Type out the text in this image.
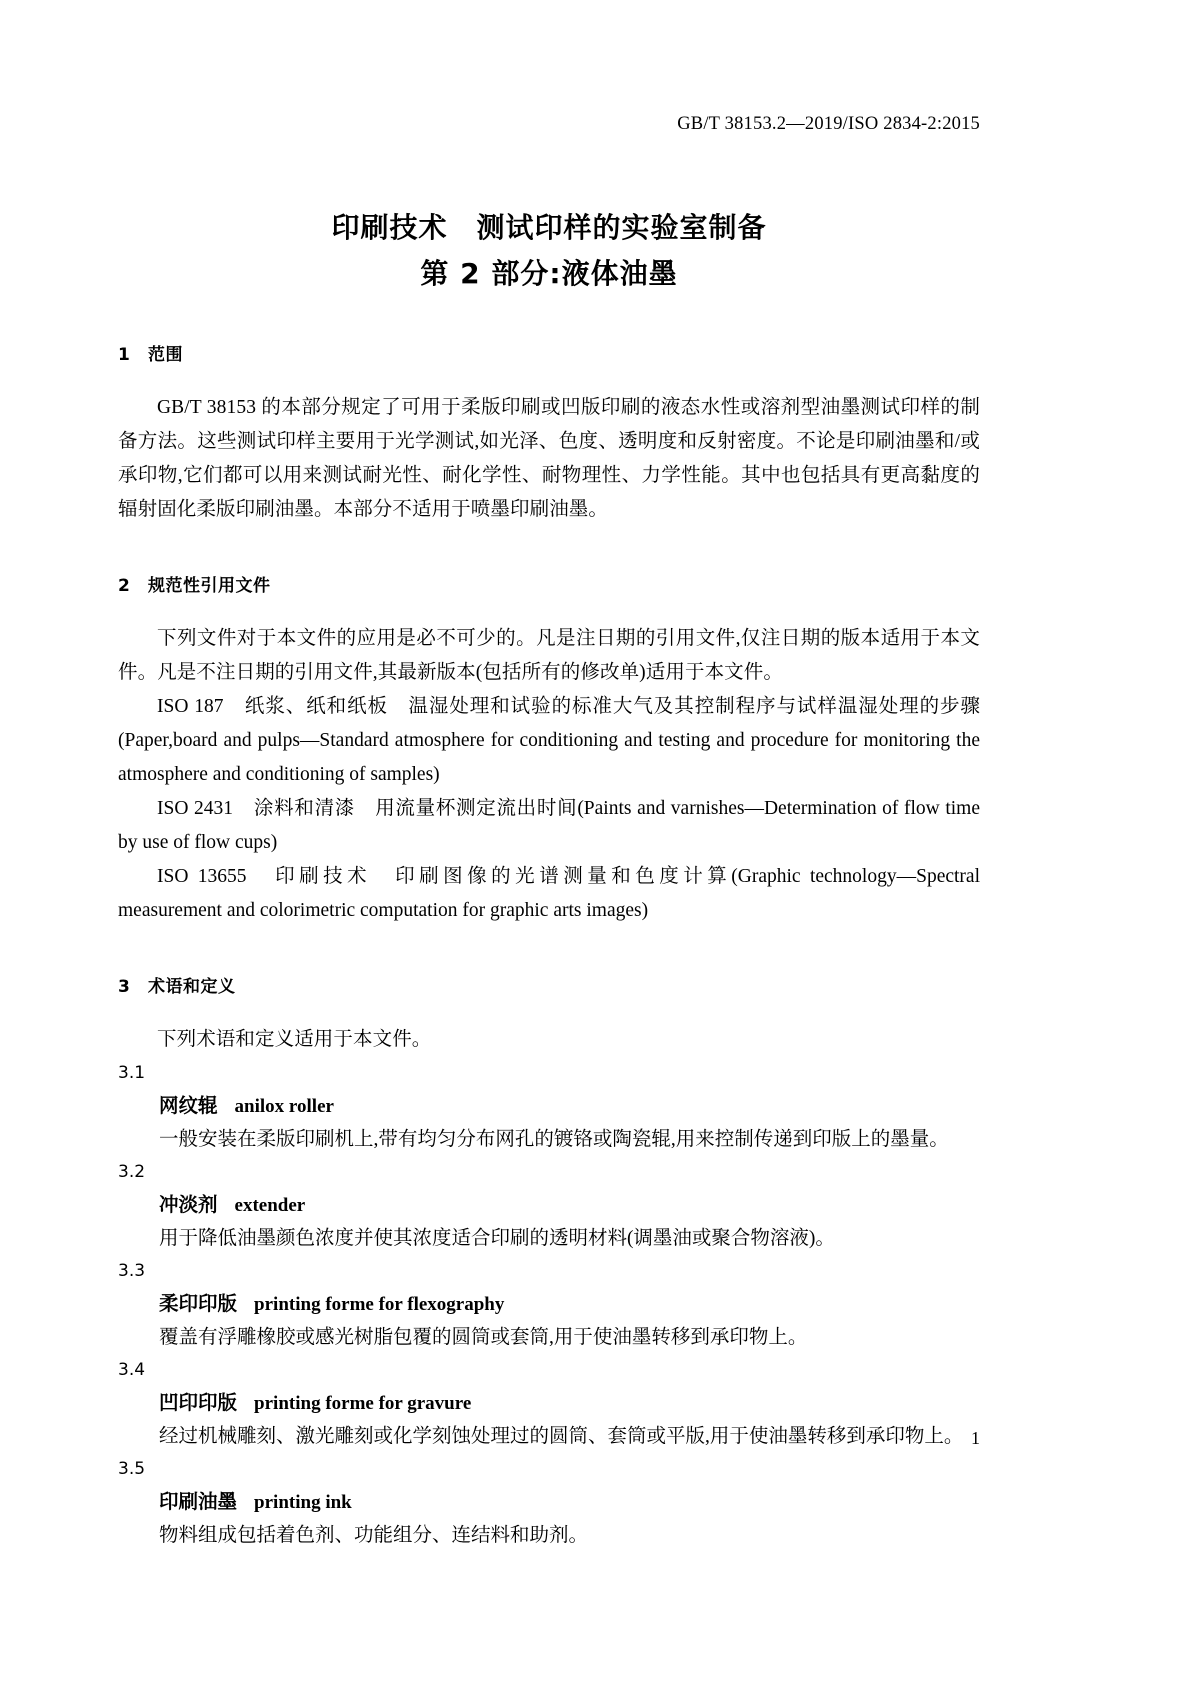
GB/T 38153.2—2019/ISO 2834-2:2015
印刷技术　测试印样的实验室制备
第 2 部分:液体油墨
1 范围

GB/T 38153 的本部分规定了可用于柔版印刷或凹版印刷的液态水性或溶剂型油墨测试印样的制备方法。这些测试印样主要用于光学测试,如光泽、色度、透明度和反射密度。不论是印刷油墨和/或承印物,它们都可以用来测试耐光性、耐化学性、耐物理性、力学性能。其中也包括具有更高黏度的辐射固化柔版印刷油墨。本部分不适用于喷墨印刷油墨。

2 规范性引用文件

下列文件对于本文件的应用是必不可少的。凡是注日期的引用文件,仅注日期的版本适用于本文件。凡是不注日期的引用文件,其最新版本(包括所有的修改单)适用于本文件。

ISO 187　纸浆、纸和纸板　温湿处理和试验的标准大气及其控制程序与试样温湿处理的步骤(Paper,board and pulps—Standard atmosphere for conditioning and testing and procedure for monitoring the atmosphere and conditioning of samples)

ISO 2431　涂料和清漆　用流量杯测定流出时间(Paints and varnishes—Determination of flow time by use of flow cups)

ISO 13655　印刷技术　印刷图像的光谱测量和色度计算(Graphic technology—Spectral measurement and colorimetric computation for graphic arts images)

3 术语和定义

下列术语和定义适用于本文件。

3.1

网纹辊 anilox roller

一般安装在柔版印刷机上,带有均匀分布网孔的镀铬或陶瓷辊,用来控制传递到印版上的墨量。

3.2

冲淡剂 extender

用于降低油墨颜色浓度并使其浓度适合印刷的透明材料(调墨油或聚合物溶液)。

3.3

柔印印版 printing forme for flexography

覆盖有浮雕橡胶或感光树脂包覆的圆筒或套筒,用于使油墨转移到承印物上。

3.4

凹印印版 printing forme for gravure

经过机械雕刻、激光雕刻或化学刻蚀处理过的圆筒、套筒或平版,用于使油墨转移到承印物上。

3.5

印刷油墨 printing ink

物料组成包括着色剂、功能组分、连结料和助剂。

1
